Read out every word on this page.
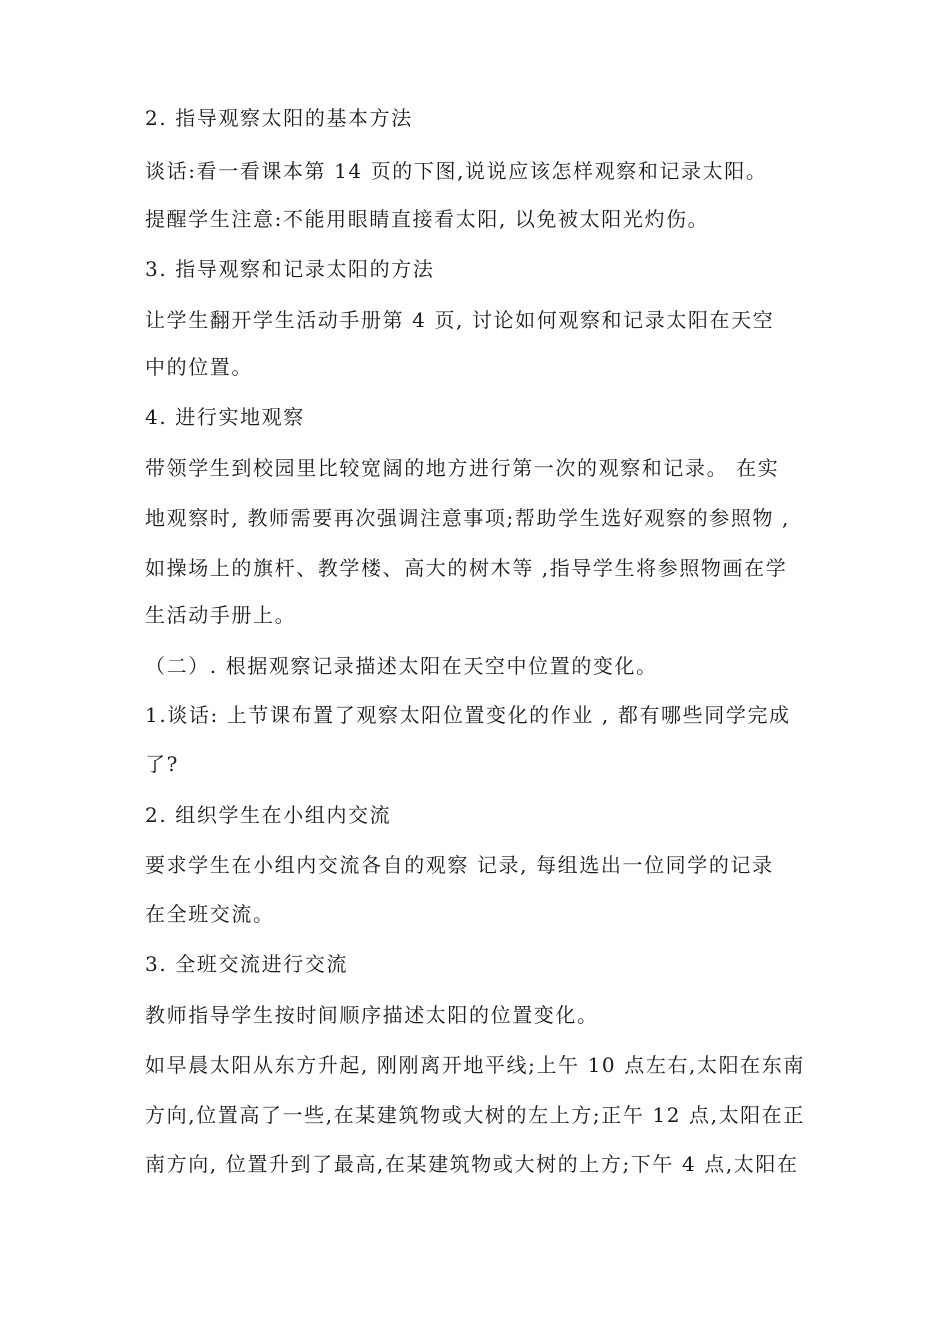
2. 指导观察太阳的基本方法
谈话:看一看课本第 14 页的下图,说说应该怎样观察和记录太阳。
提醒学生注意:不能用眼睛直接看太阳, 以免被太阳光灼伤。
3. 指导观察和记录太阳的方法
让学生翻开学生活动手册第 4 页, 讨论如何观察和记录太阳在天空
中的位置。
4. 进行实地观察
带领学生到校园里比较宽阔的地方进行第一次的观察和记录。 在实
地观察时, 教师需要再次强调注意事项;帮助学生选好观察的参照物 ,
如操场上的旗杆、教学楼、高大的树木等 ,指导学生将参照物画在学
生活动手册上。
（二）. 根据观察记录描述太阳在天空中位置的变化。
1.谈话: 上节课布置了观察太阳位置变化的作业 , 都有哪些同学完成
了?
2. 组织学生在小组内交流
要求学生在小组内交流各自的观察 记录, 每组选出一位同学的记录
在全班交流。
3. 全班交流进行交流
教师指导学生按时间顺序描述太阳的位置变化。
如早晨太阳从东方升起, 刚刚离开地平线;上午 10 点左右,太阳在东南
方向,位置高了一些,在某建筑物或大树的左上方;正午 12 点,太阳在正
南方向, 位置升到了最高,在某建筑物或大树的上方;下午 4 点,太阳在
